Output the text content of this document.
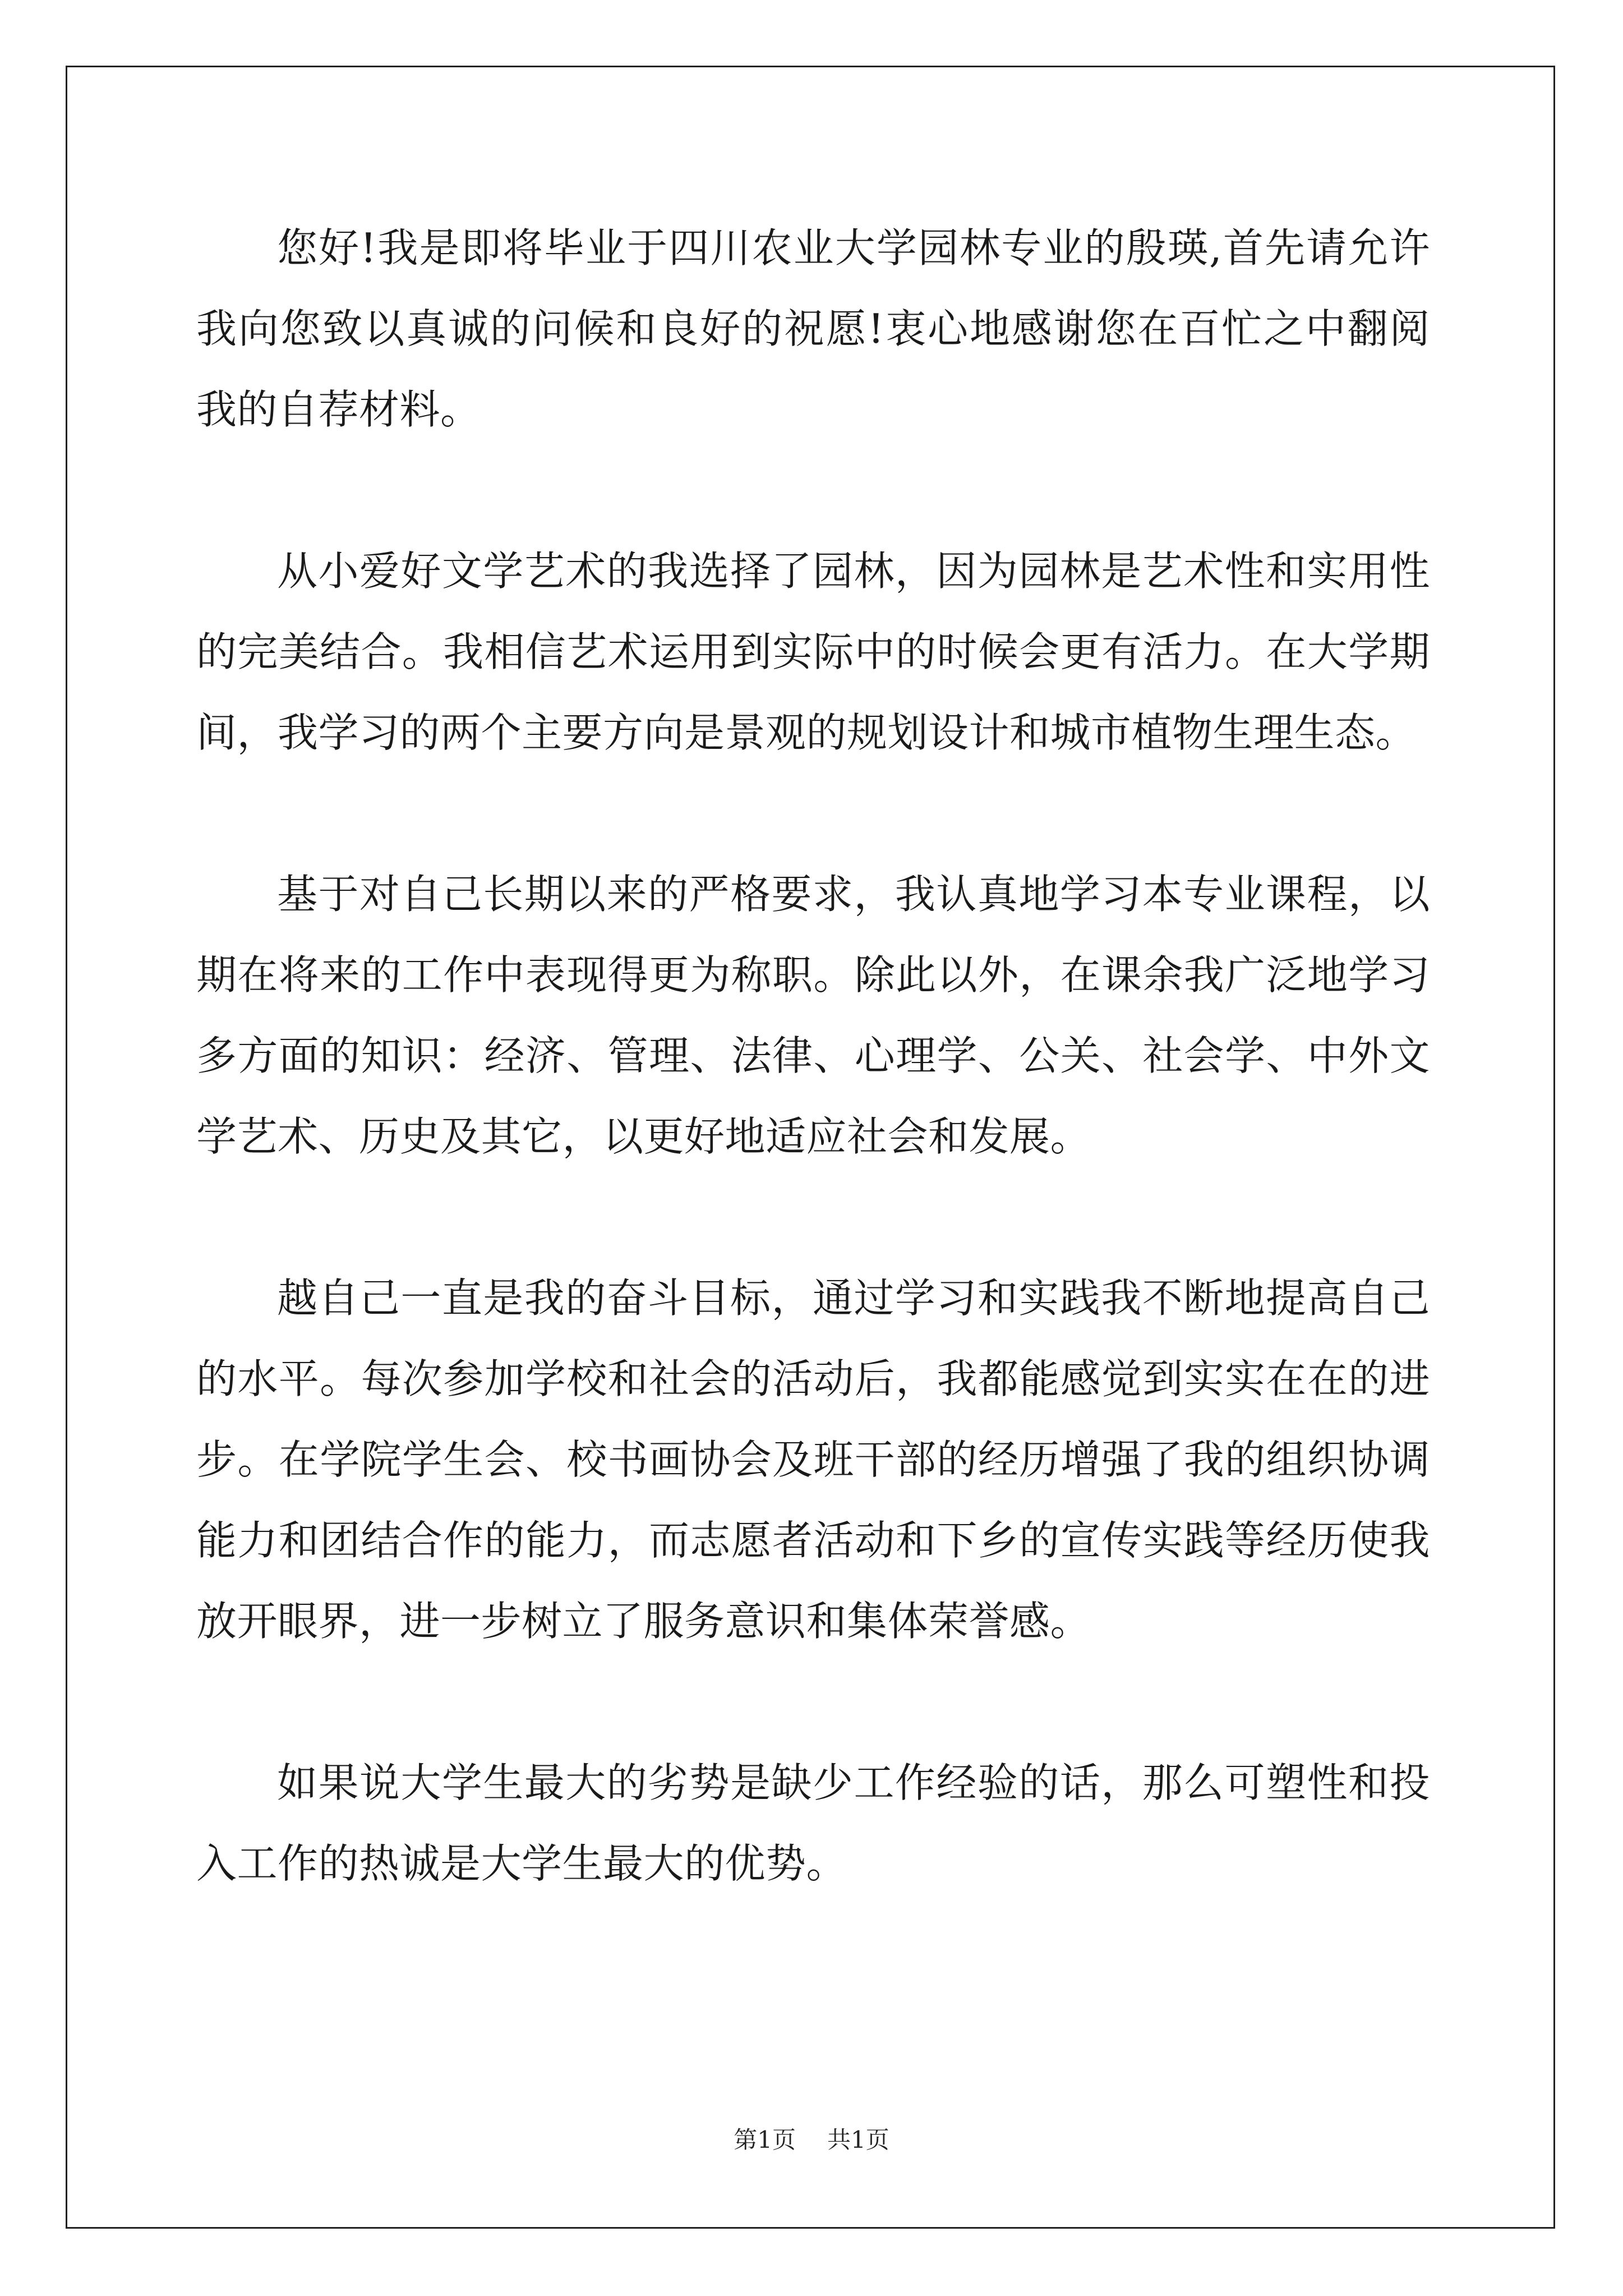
您好!我是即将毕业于四川农业大学园林专业的殷瑛,首先请允许我向您致以真诚的问候和良好的祝愿!衷心地感谢您在百忙之中翻阅我的自荐材料。

从小爱好文学艺术的我选择了园林，因为园林是艺术性和实用性的完美结合。我相信艺术运用到实际中的时候会更有活力。在大学期间，我学习的两个主要方向是景观的规划设计和城市植物生理生态。

基于对自己长期以来的严格要求，我认真地学习本专业课程，以期在将来的工作中表现得更为称职。除此以外，在课余我广泛地学习多方面的知识：经济、管理、法律、心理学、公关、社会学、中外文学艺术、历史及其它，以更好地适应社会和发展。

越自己一直是我的奋斗目标，通过学习和实践我不断地提高自己的水平。每次参加学校和社会的活动后，我都能感觉到实实在在的进步。在学院学生会、校书画协会及班干部的经历增强了我的组织协调能力和团结合作的能力，而志愿者活动和下乡的宣传实践等经历使我放开眼界，进一步树立了服务意识和集体荣誉感。

如果说大学生最大的劣势是缺少工作经验的话，那么可塑性和投入工作的热诚是大学生最大的优势。

第1页 共1页
